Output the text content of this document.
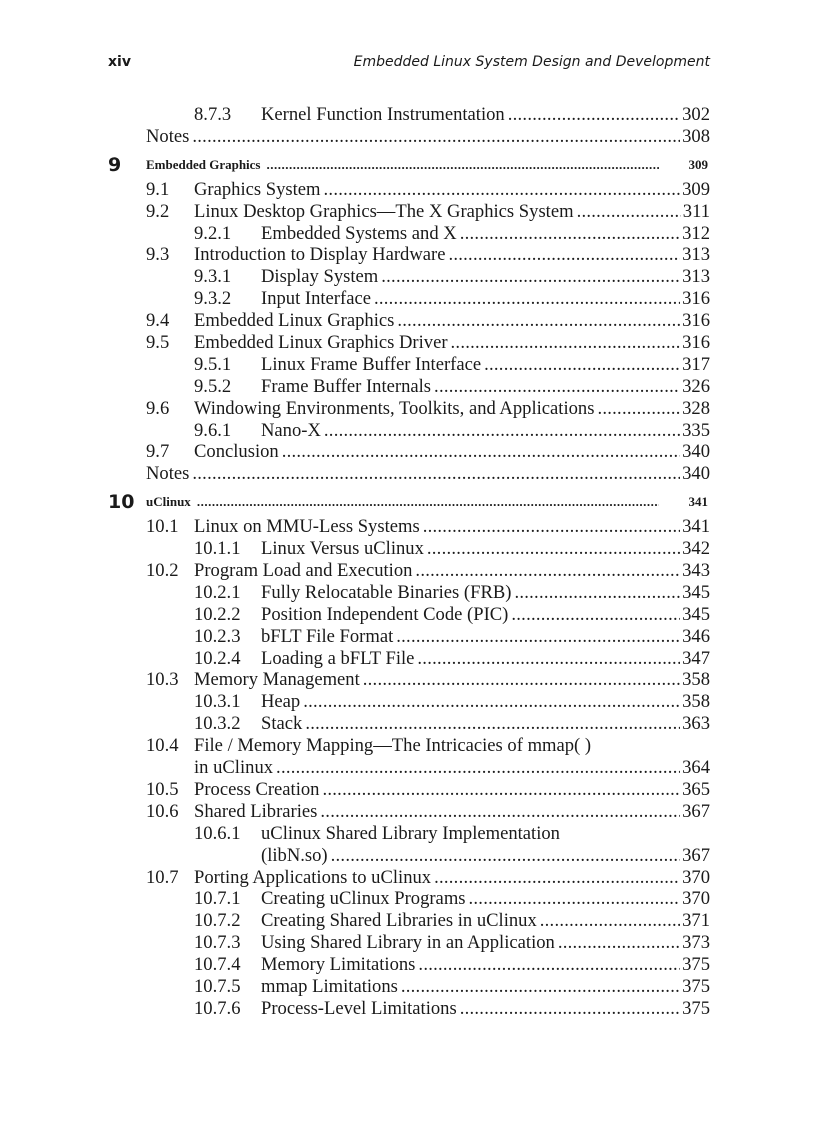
xiv	Embedded Linux System Design and Development
8.7.3 Kernel Function Instrumentation . . .	302
Notes . . .	308
9 Embedded Graphics .....	309
9.1 Graphics System . . .	309
9.2 Linux Desktop Graphics—The X Graphics System . . .	311
9.2.1 Embedded Systems and X . . .	312
9.3 Introduction to Display Hardware . . .	313
9.3.1 Display System . . .	313
9.3.2 Input Interface . . .	316
9.4 Embedded Linux Graphics . . .	316
9.5 Embedded Linux Graphics Driver . . .	316
9.5.1 Linux Frame Buffer Interface . . .	317
9.5.2 Frame Buffer Internals . . .	326
9.6 Windowing Environments, Toolkits, and Applications . . .	328
9.6.1 Nano-X . . .	335
9.7 Conclusion . . .	340
Notes . . .	340
10 uClinux .....	341
10.1 Linux on MMU-Less Systems . . .	341
10.1.1 Linux Versus uClinux . . .	342
10.2 Program Load and Execution . . .	343
10.2.1 Fully Relocatable Binaries (FRB) . . .	345
10.2.2 Position Independent Code (PIC) . . .	345
10.2.3 bFLT File Format . . .	346
10.2.4 Loading a bFLT File . . .	347
10.3 Memory Management . . .	358
10.3.1 Heap . . .	358
10.3.2 Stack . . .	363
10.4 File / Memory Mapping—The Intricacies of mmap( )
in uClinux . . .	364
10.5 Process Creation . . .	365
10.6 Shared Libraries . . .	367
10.6.1 uClinux Shared Library Implementation
(libN.so) . . .	367
10.7 Porting Applications to uClinux . . .	370
10.7.1 Creating uClinux Programs . . .	370
10.7.2 Creating Shared Libraries in uClinux . . .	371
10.7.3 Using Shared Library in an Application . . .	373
10.7.4 Memory Limitations . . .	375
10.7.5 mmap Limitations . . .	375
10.7.6 Process-Level Limitations . . .	375
